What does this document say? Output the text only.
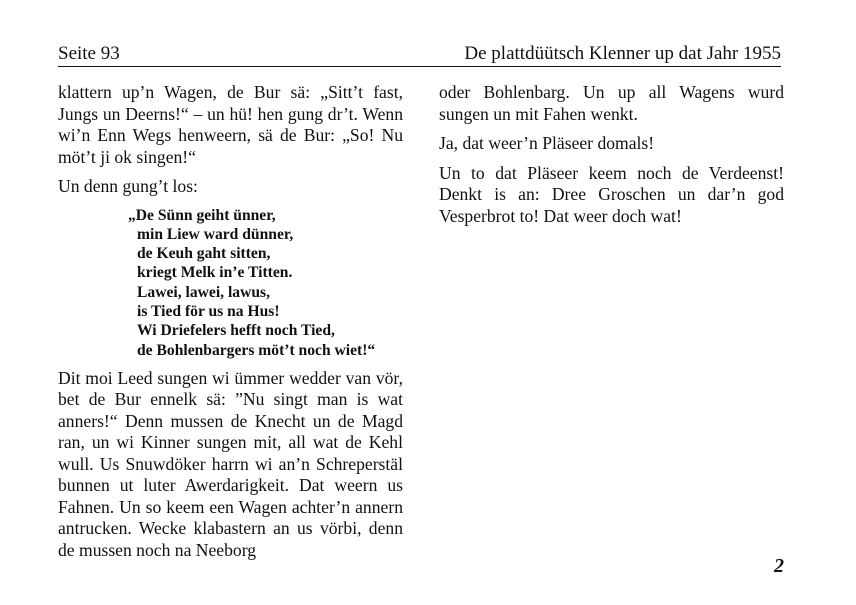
Seite 93	De plattdüütsch Klenner up dat Jahr 1955

klattern up’n Wagen, de Bur sä: „Sitt’t fast, Jungs un Deerns!“ – un hü! hen gung dr’t. Wenn wi’n Enn Wegs henweern, sä de Bur: „So! Nu möt’t ji ok singen!“

Un denn gung’t los:

„De Sünn geiht ünner,
min Liew ward dünner,
de Keuh gaht sitten,
kriegt Melk in’e Titten.
Lawei, lawei, lawus,
is Tied för us na Hus!
Wi Driefelers hefft noch Tied,
de Bohlenbargers möt’t noch wiet!“

Dit moi Leed sungen wi ümmer wedder van vör, bet de Bur ennelk sä: ”Nu singt man is wat anners!“ Denn mussen de Knecht un de Magd ran, un wi Kinner sungen mit, all wat de Kehl wull. Us Snuwdöker harrn wi an’n Schreperstäl bunnen ut luter Awerdarigkeit. Dat weern us Fahnen. Un so keem een Wagen achter’n annern antrucken. Wecke klabastern an us vörbi, denn de mussen noch na Neeborg

oder Bohlenbarg. Un up all Wagens wurd sungen un mit Fahen wenkt.

Ja, dat weer’n Pläseer domals!

Un to dat Pläseer keem noch de Verdeenst! Denkt is an: Dree Groschen un dar’n god Vesperbrot to! Dat weer doch wat!

2
